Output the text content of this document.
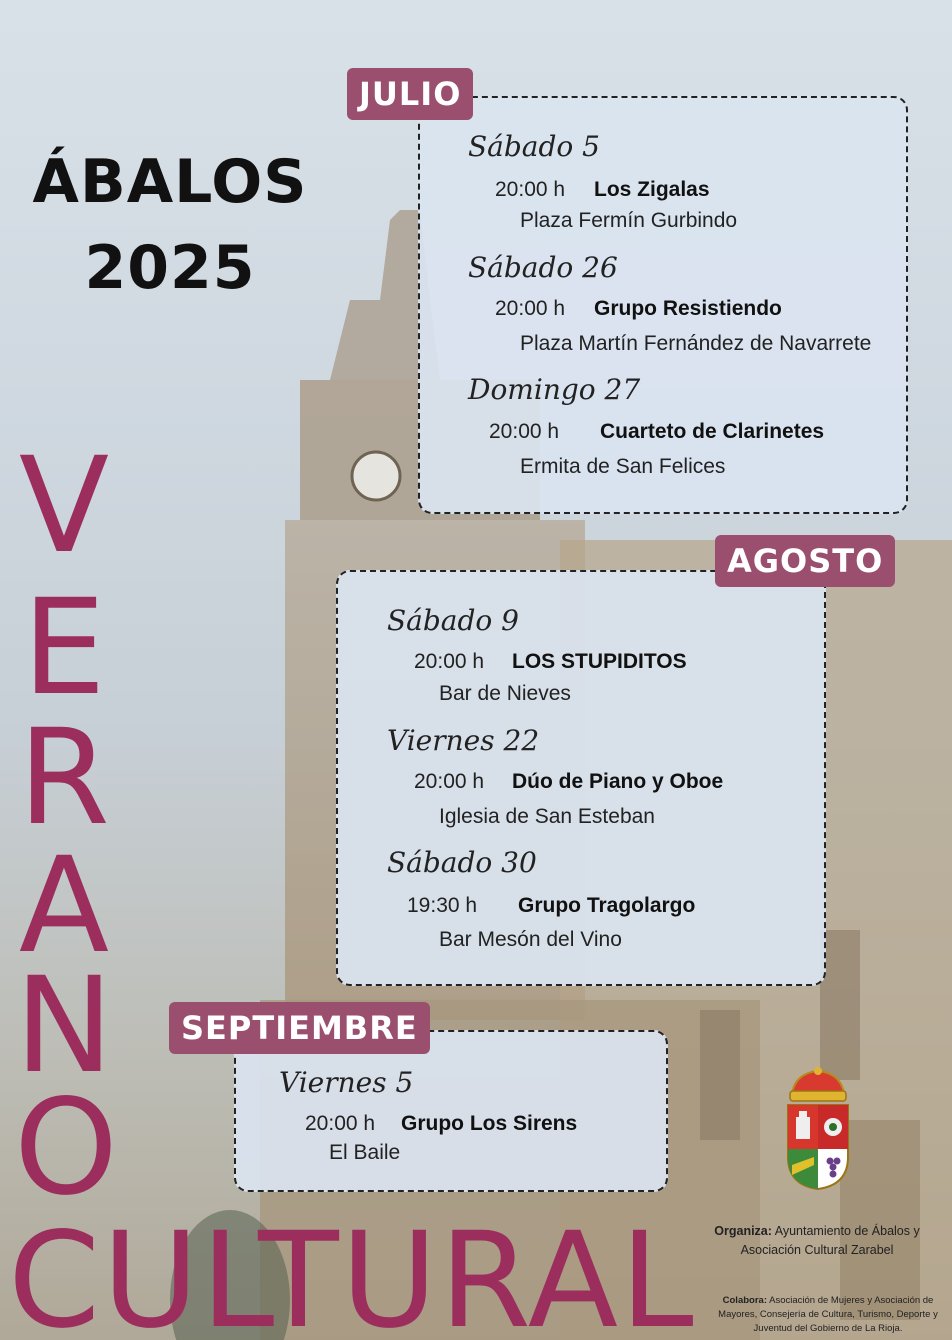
ÁBALOS
2025
V
E
R
A
N
O
CULTURAL
JULIO
Sábado 5
20:00 h Los Zigalas
Plaza Fermín Gurbindo
Sábado 26
20:00 h Grupo Resistiendo
Plaza Martín Fernández de Navarrete
Domingo 27
20:00 h Cuarteto de Clarinetes
Ermita de San Felices
AGOSTO
Sábado 9
20:00 h LOS STUPIDITOS
Bar de Nieves
Viernes 22
20:00 h Dúo de Piano y Oboe
Iglesia de San Esteban
Sábado 30
19:30 h Grupo Tragolargo
Bar Mesón del Vino
SEPTIEMBRE
Viernes 5
20:00 h Grupo Los Sirens
El Baile
Organiza: Ayuntamiento de Ábalos y Asociación Cultural Zarabel
Colabora: Asociación de Mujeres y Asociación de Mayores, Consejería de Cultura, Turismo, Deporte y Juventud del Gobierno de La Rioja.
